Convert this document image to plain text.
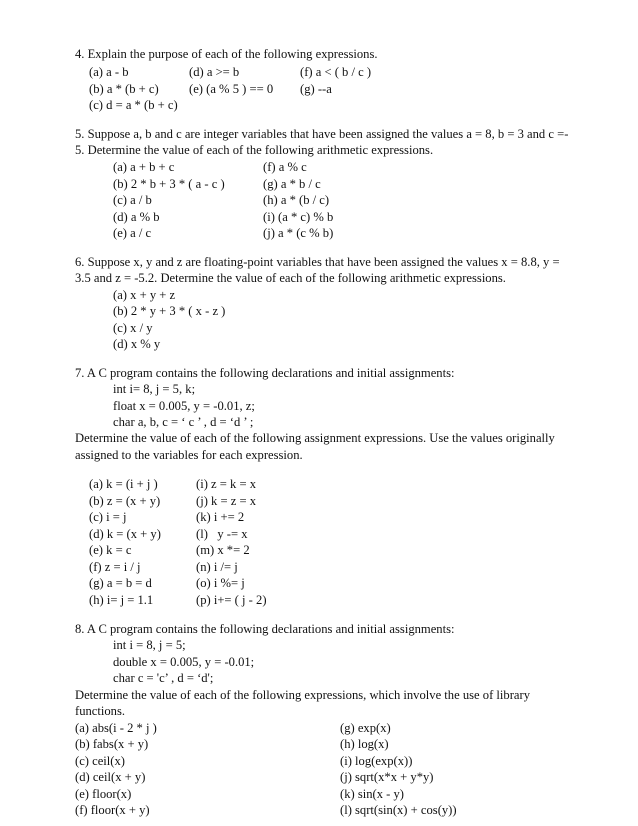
4. Explain the purpose of each of the following expressions.
(a) a - b	(d) a >= b	(f) a < ( b / c )
(b) a * (b + c) (e) (a % 5 ) == 0 (g) --a
(c) d = a * (b + c)
5. Suppose a, b and c are integer variables that have been assigned the values a = 8, b = 3 and c =-
5. Determine the value of each of the following arithmetic expressions.
(a) a + b + c
(b) 2 * b + 3 * ( a - c )
(c) a / b
(d) a % b
(e) a / c
(f) a % c
(g) a * b / c
(h) a * (b / c)
(i) (a * c) % b
(j) a * (c % b)
6. Suppose x, y and z are floating-point variables that have been assigned the values x = 8.8, y =
3.5 and z = -5.2. Determine the value of each of the following arithmetic expressions.
(a) x + y + z
(b) 2 * y + 3 * ( x - z )
(c) x / y
(d) x % y
7. A C program contains the following declarations and initial assignments:
int i= 8, j = 5, k;
float x = 0.005, y = -0.01, z;
char a, b, c = ‘ c ’ , d = ‘d ’ ;
Determine the value of each of the following assignment expressions. Use the values originally
assigned to the variables for each expression.
(a) k = (i + j )
(b) z = (x + y)
(c) i = j
(d) k = (x + y)
(e) k = c
(f) z = i / j
(g) a = b = d
(h) i= j = 1.1
(i) z = k = x
(j) k = z = x
(k) i += 2
(l)   y -= x
(m) x *= 2
(n) i /= j
(o) i %= j
(p) i+= ( j - 2)
8. A C program contains the following declarations and initial assignments:
int i = 8, j = 5;
double x = 0.005, y = -0.01;
char c = 'c’ , d = ‘d';
Determine the value of each of the following expressions, which involve the use of library
functions.
(a) abs(i - 2 * j )
(b) fabs(x + y)
(c) ceil(x)
(d) ceil(x + y)
(e) floor(x)
(f) floor(x + y)
(g) exp(x)
(h) log(x)
(i) log(exp(x))
(j) sqrt(x*x + y*y)
(k) sin(x - y)
(l) sqrt(sin(x) + cos(y))
